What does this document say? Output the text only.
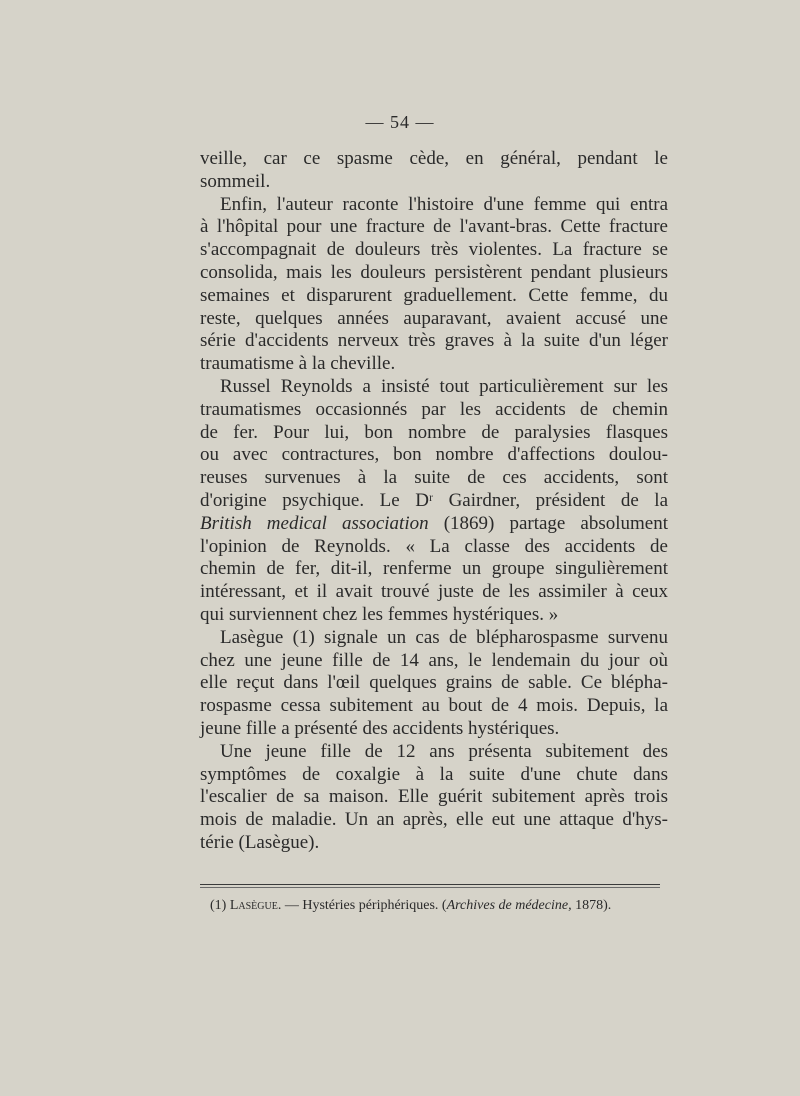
— 54 —
veille, car ce spasme cède, en général, pendant le
sommeil.
Enfin, l'auteur raconte l'histoire d'une femme qui entra
à l'hôpital pour une fracture de l'avant-bras. Cette fracture
s'accompagnait de douleurs très violentes. La fracture se
consolida, mais les douleurs persistèrent pendant plusieurs
semaines et disparurent graduellement. Cette femme, du
reste, quelques années auparavant, avaient accusé une
série d'accidents nerveux très graves à la suite d'un léger
traumatisme à la cheville.
Russel Reynolds a insisté tout particulièrement sur les
traumatismes occasionnés par les accidents de chemin
de fer. Pour lui, bon nombre de paralysies flasques
ou avec contractures, bon nombre d'affections doulou-
reuses survenues à la suite de ces accidents, sont
d'origine psychique. Le Dʳ Gairdner, président de la
British medical association (1869) partage absolument
l'opinion de Reynolds. « La classe des accidents de
chemin de fer, dit-il, renferme un groupe singulièrement
intéressant, et il avait trouvé juste de les assimiler à ceux
qui surviennent chez les femmes hystériques. »
Lasègue (1) signale un cas de blépharospasme survenu
chez une jeune fille de 14 ans, le lendemain du jour où
elle reçut dans l'œil quelques grains de sable. Ce blépha-
rospasme cessa subitement au bout de 4 mois. Depuis, la
jeune fille a présenté des accidents hystériques.
Une jeune fille de 12 ans présenta subitement des
symptômes de coxalgie à la suite d'une chute dans
l'escalier de sa maison. Elle guérit subitement après trois
mois de maladie. Un an après, elle eut une attaque d'hys-
térie (Lasègue).
(1) Lasègue. — Hystéries périphériques. (Archives de médecine, 1878).
